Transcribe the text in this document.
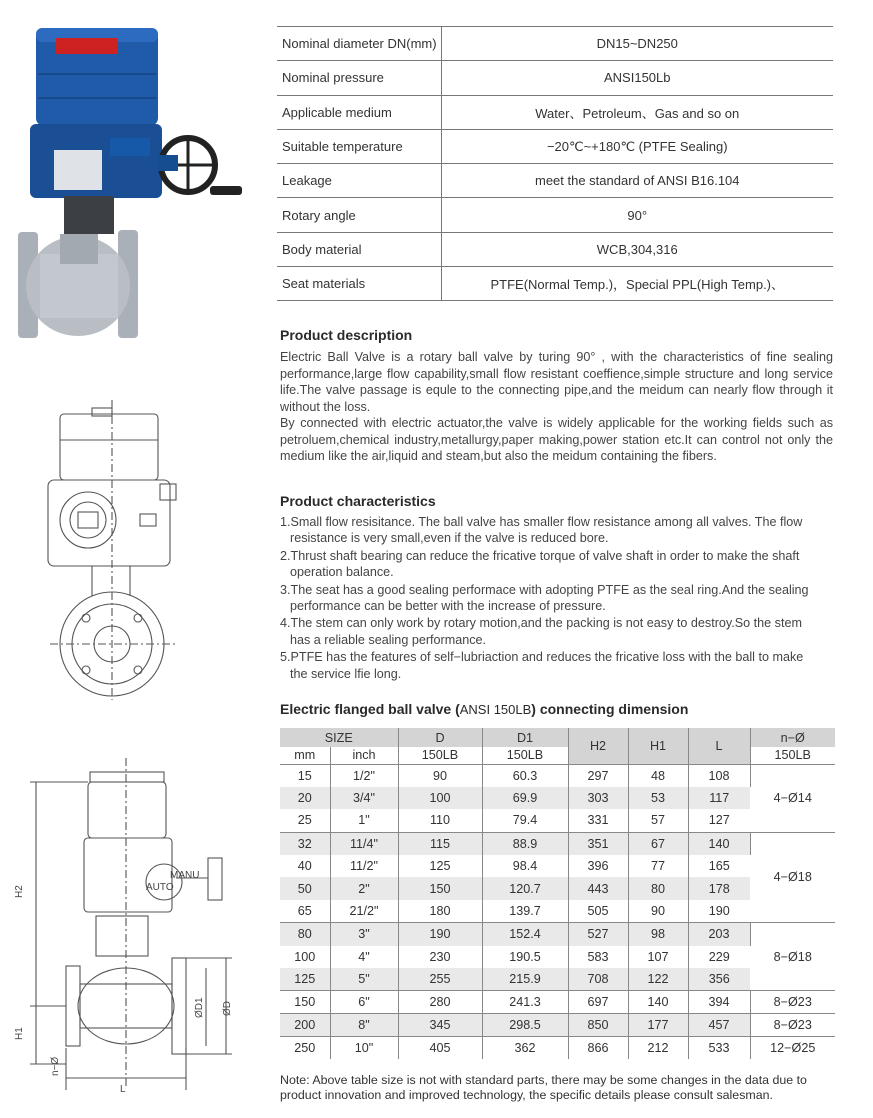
H2
H1
L
ØD1 ØD
n−Ø
MANU
AUTO
Nominal diameter DN(mm)	DN15~DN250
Nominal pressure	ANSI150Lb
Applicable medium	Water、Petroleum、Gas and so on
Suitable temperature	−20℃~+180℃ (PTFE Sealing)
Leakage	meet the standard of ANSI B16.104
Rotary angle	90°
Body material	WCB,304,316
Seat materials	PTFE(Normal Temp.)，Special PPL(High Temp.)、
Product description
Electric Ball Valve is a rotary ball valve by turing 90° , with the characteristics of fine sealing performance,large flow capability,small flow resistant coeffience,simple structure and long service life.The valve passage is equle to the connecting pipe,and the meidum can nearly flow through it without the loss.
By connected with electric actuator,the valve is widely applicable for the working fields such as petroluem,chemical industry,metallurgy,paper making,power station etc.It can control not only the medium like the air,liquid and steam,but also the meidum containing the fibers.
Product characteristics
1.Small flow resisitance. The ball valve has smaller flow resistance among all valves. The flow
resistance is very small,even if the valve is reduced bore.
2.Thrust shaft bearing can reduce the fricative torque of valve shaft in order to make the shaft
operation balance.
3.The seat has a good sealing performace with adopting PTFE as the seal ring.And the sealing
performance can be better with the increase of pressure.
4.The stem can only work by rotary motion,and the packing is not easy to destroy.So the stem
has a reliable sealing performance.
5.PTFE has the features of self−lubriaction and reduces the fricative loss with the ball to make
the service lfie long.
Electric flanged ball valve (ANSI 150LB) connecting dimension
SIZE		D	D1	H2	H1	L	n−Ø
mm	inch	150LB	150LB				150LB
15	1/2"	90	60.3	297	48	108	4−Ø14
20	3/4"	100	69.9	303	53	117	
25	1"	110	79.4	331	57	127	
32	11/4"	115	88.9	351	67	140	4−Ø18
40	11/2"	125	98.4	396	77	165	
50	2"	150	120.7	443	80	178	
65	21/2"	180	139.7	505	90	190	
80	3"	190	152.4	527	98	203	8−Ø18
100	4"	230	190.5	583	107	229	
125	5"	255	215.9	708	122	356	
150	6"	280	241.3	697	140	394	8−Ø23
200	8"	345	298.5	850	177	457	8−Ø23
250	10"	405	362	866	212	533	12−Ø25
Note: Above table size is not with standard parts, there may be some changes in the data due to product innovation and improved technology, the specific details please consult salesman.
